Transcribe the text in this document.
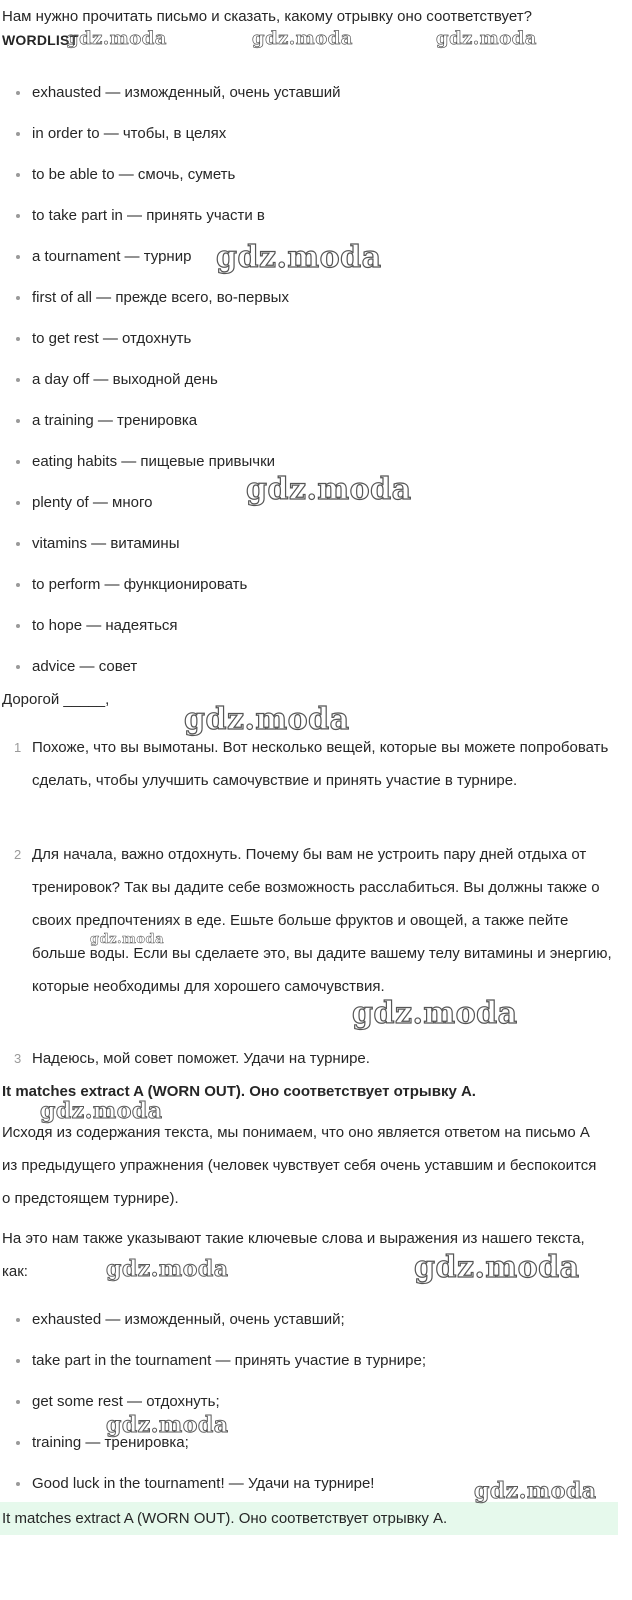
Нам нужно прочитать письмо и сказать, какому отрывку оно соответствует?

WORDLIST
exhausted — изможденный, очень уставший
in order to — чтобы, в целях
to be able to — смочь, суметь
to take part in — принять участи в
a tournament — турнир
first of all — прежде всего, во-первых
to get rest — отдохнуть
a day off — выходной день
a training — тренировка
eating habits — пищевые привычки
plenty of — много
vitamins — витамины
to perform — функционировать
to hope — надеяться
advice — совет

Дорогой _____,

1 Похоже, что вы вымотаны. Вот несколько вещей, которые вы можете попробовать сделать, чтобы улучшить самочувствие и принять участие в турнире.
2 Для начала, важно отдохнуть. Почему бы вам не устроить пару дней отдыха от тренировок? Так вы дадите себе возможность расслабиться. Вы должны также о своих предпочтениях в еде. Ешьте больше фруктов и овощей, а также пейте больше воды. Если вы сделаете это, вы дадите вашему телу витамины и энергию, которые необходимы для хорошего самочувствия.
3 Надеюсь, мой совет поможет. Удачи на турнире.

It matches extract A (WORN OUT). Оно соответствует отрывку A.

Исходя из содержания текста, мы понимаем, что оно является ответом на письмо A из предыдущего упражнения (человек чувствует себя очень уставшим и беспокоится о предстоящем турнире).

На это нам также указывают такие ключевые слова и выражения из нашего текста, как:

exhausted — изможденный, очень уставший;
take part in the tournament — принять участие в турнире;
get some rest — отдохнуть;
training — тренировка;
Good luck in the tournament! — Удачи на турнире!
It matches extract A (WORN OUT). Оно соответствует отрывку A.
gdz.moda	gdz.moda	gdz.moda
gdz.moda
gdz.moda
gdz.moda
gdz.moda
gdz.moda
gdz.moda
gdz.moda	gdz.moda
gdz.moda
gdz.moda
